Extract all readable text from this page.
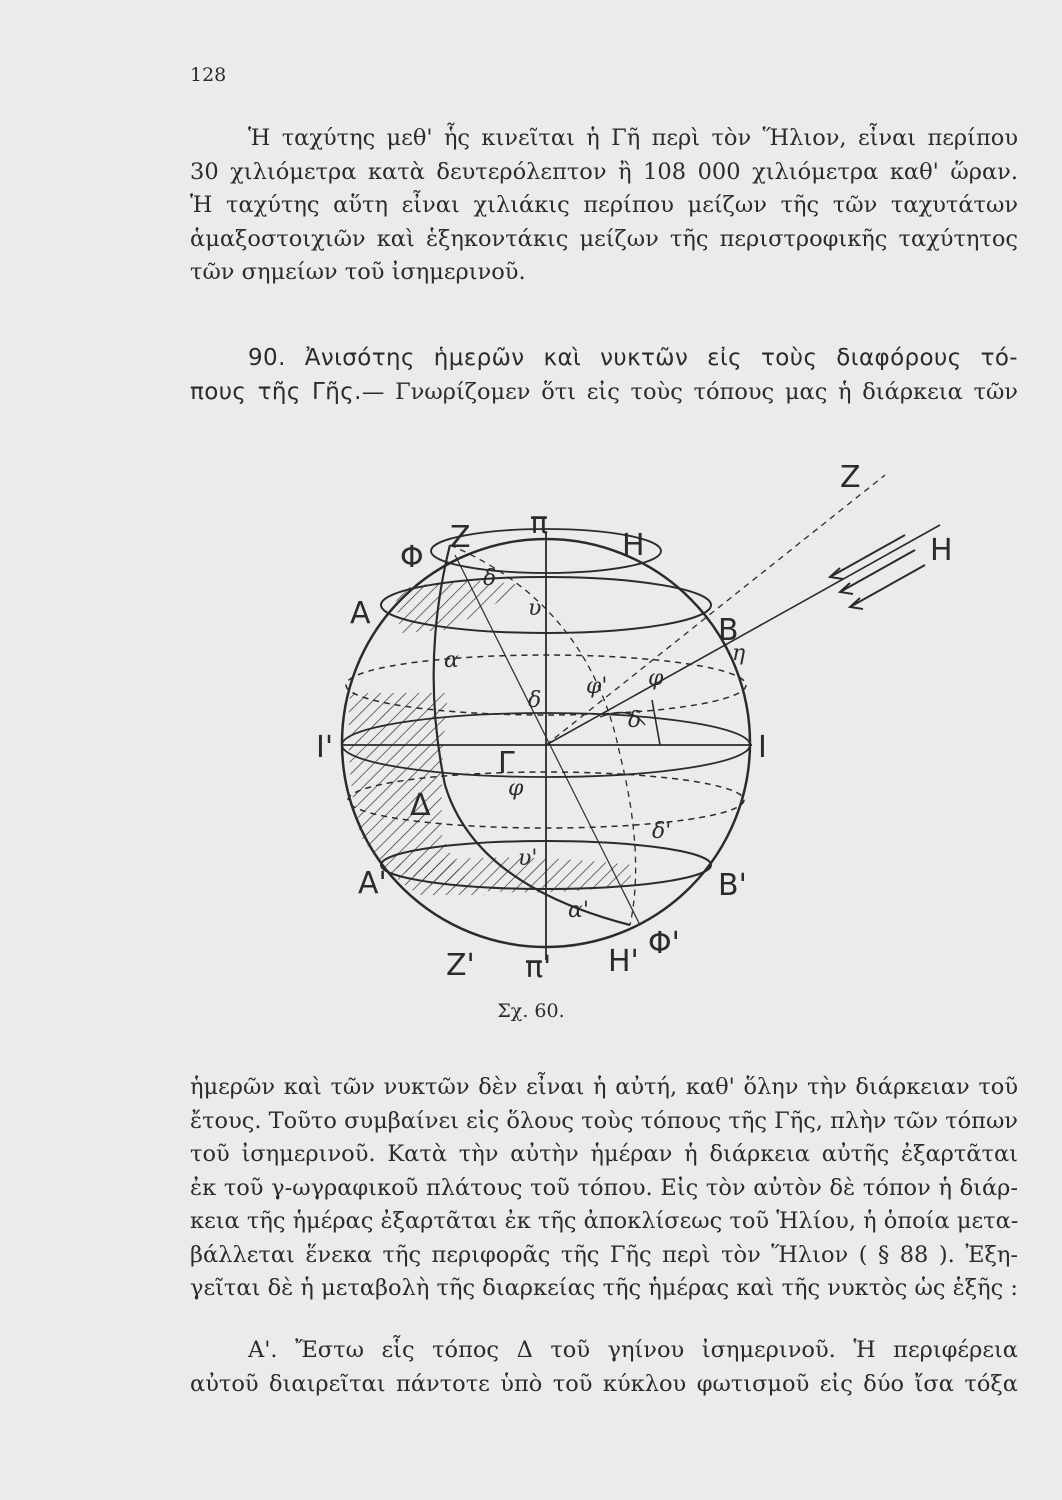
128
Ἡ ταχύτης μεθ' ἧς κινεῖται ἡ Γῆ περὶ τὸν Ἥλιον, εἶναι περίπου
30 χιλιόμετρα κατὰ δευτερόλεπτον ἢ 108 000 χιλιόμετρα καθ' ὥραν.
Ἡ ταχύτης αὕτη εἶναι χιλιάκις περίπου μείζων τῆς τῶν ταχυτάτων
ἁμαξοστοιχιῶν καὶ ἑξηκοντάκις μείζων τῆς περιστροφικῆς ταχύτητος
τῶν σημείων τοῦ ἰσημερινοῦ.
90. Ἀνισότης ἡμερῶν καὶ νυκτῶν εἰς τοὺς διαφόρους τό-
πους τῆς Γῆς.— Γνωρίζομεν ὅτι εἰς τοὺς τόπους μας ἡ διάρκεια τῶν
Z
H
π
Z	H
Φ
δ
υ
A	B
η
α
φ' φ
δ
δ
I'	I
Γ
φ
Δ
δ'
υ'
A'	B'
α'
Z' π' H'
Φ'
Σχ. 60.
ἡμερῶν καὶ τῶν νυκτῶν δὲν εἶναι ἡ αὐτή, καθ' ὅλην τὴν διάρκειαν τοῦ
ἔτους. Τοῦτο συμβαίνει εἰς ὅλους τοὺς τόπους τῆς Γῆς, πλὴν τῶν τόπων
τοῦ ἰσημερινοῦ. Κατὰ τὴν αὐτὴν ἡμέραν ἡ διάρκεια αὐτῆς ἐξαρτᾶται
ἐκ τοῦ γ-ωγραφικοῦ πλάτους τοῦ τόπου. Εἰς τὸν αὐτὸν δὲ τόπον ἡ διάρ-
κεια τῆς ἡμέρας ἐξαρτᾶται ἐκ τῆς ἀποκλίσεως τοῦ Ἡλίου, ἡ ὁποία μετα-
βάλλεται ἕνεκα τῆς περιφορᾶς τῆς Γῆς περὶ τὸν Ἥλιον ( § 88 ). Ἐξη-
γεῖται δὲ ἡ μεταβολὴ τῆς διαρκείας τῆς ἡμέρας καὶ τῆς νυκτὸς ὡς ἑξῆς :
Α'. Ἔστω εἷς τόπος Δ τοῦ γηίνου ἰσημερινοῦ. Ἡ περιφέρεια
αὐτοῦ διαιρεῖται πάντοτε ὑπὸ τοῦ κύκλου φωτισμοῦ εἰς δύο ἴσα τόξα
